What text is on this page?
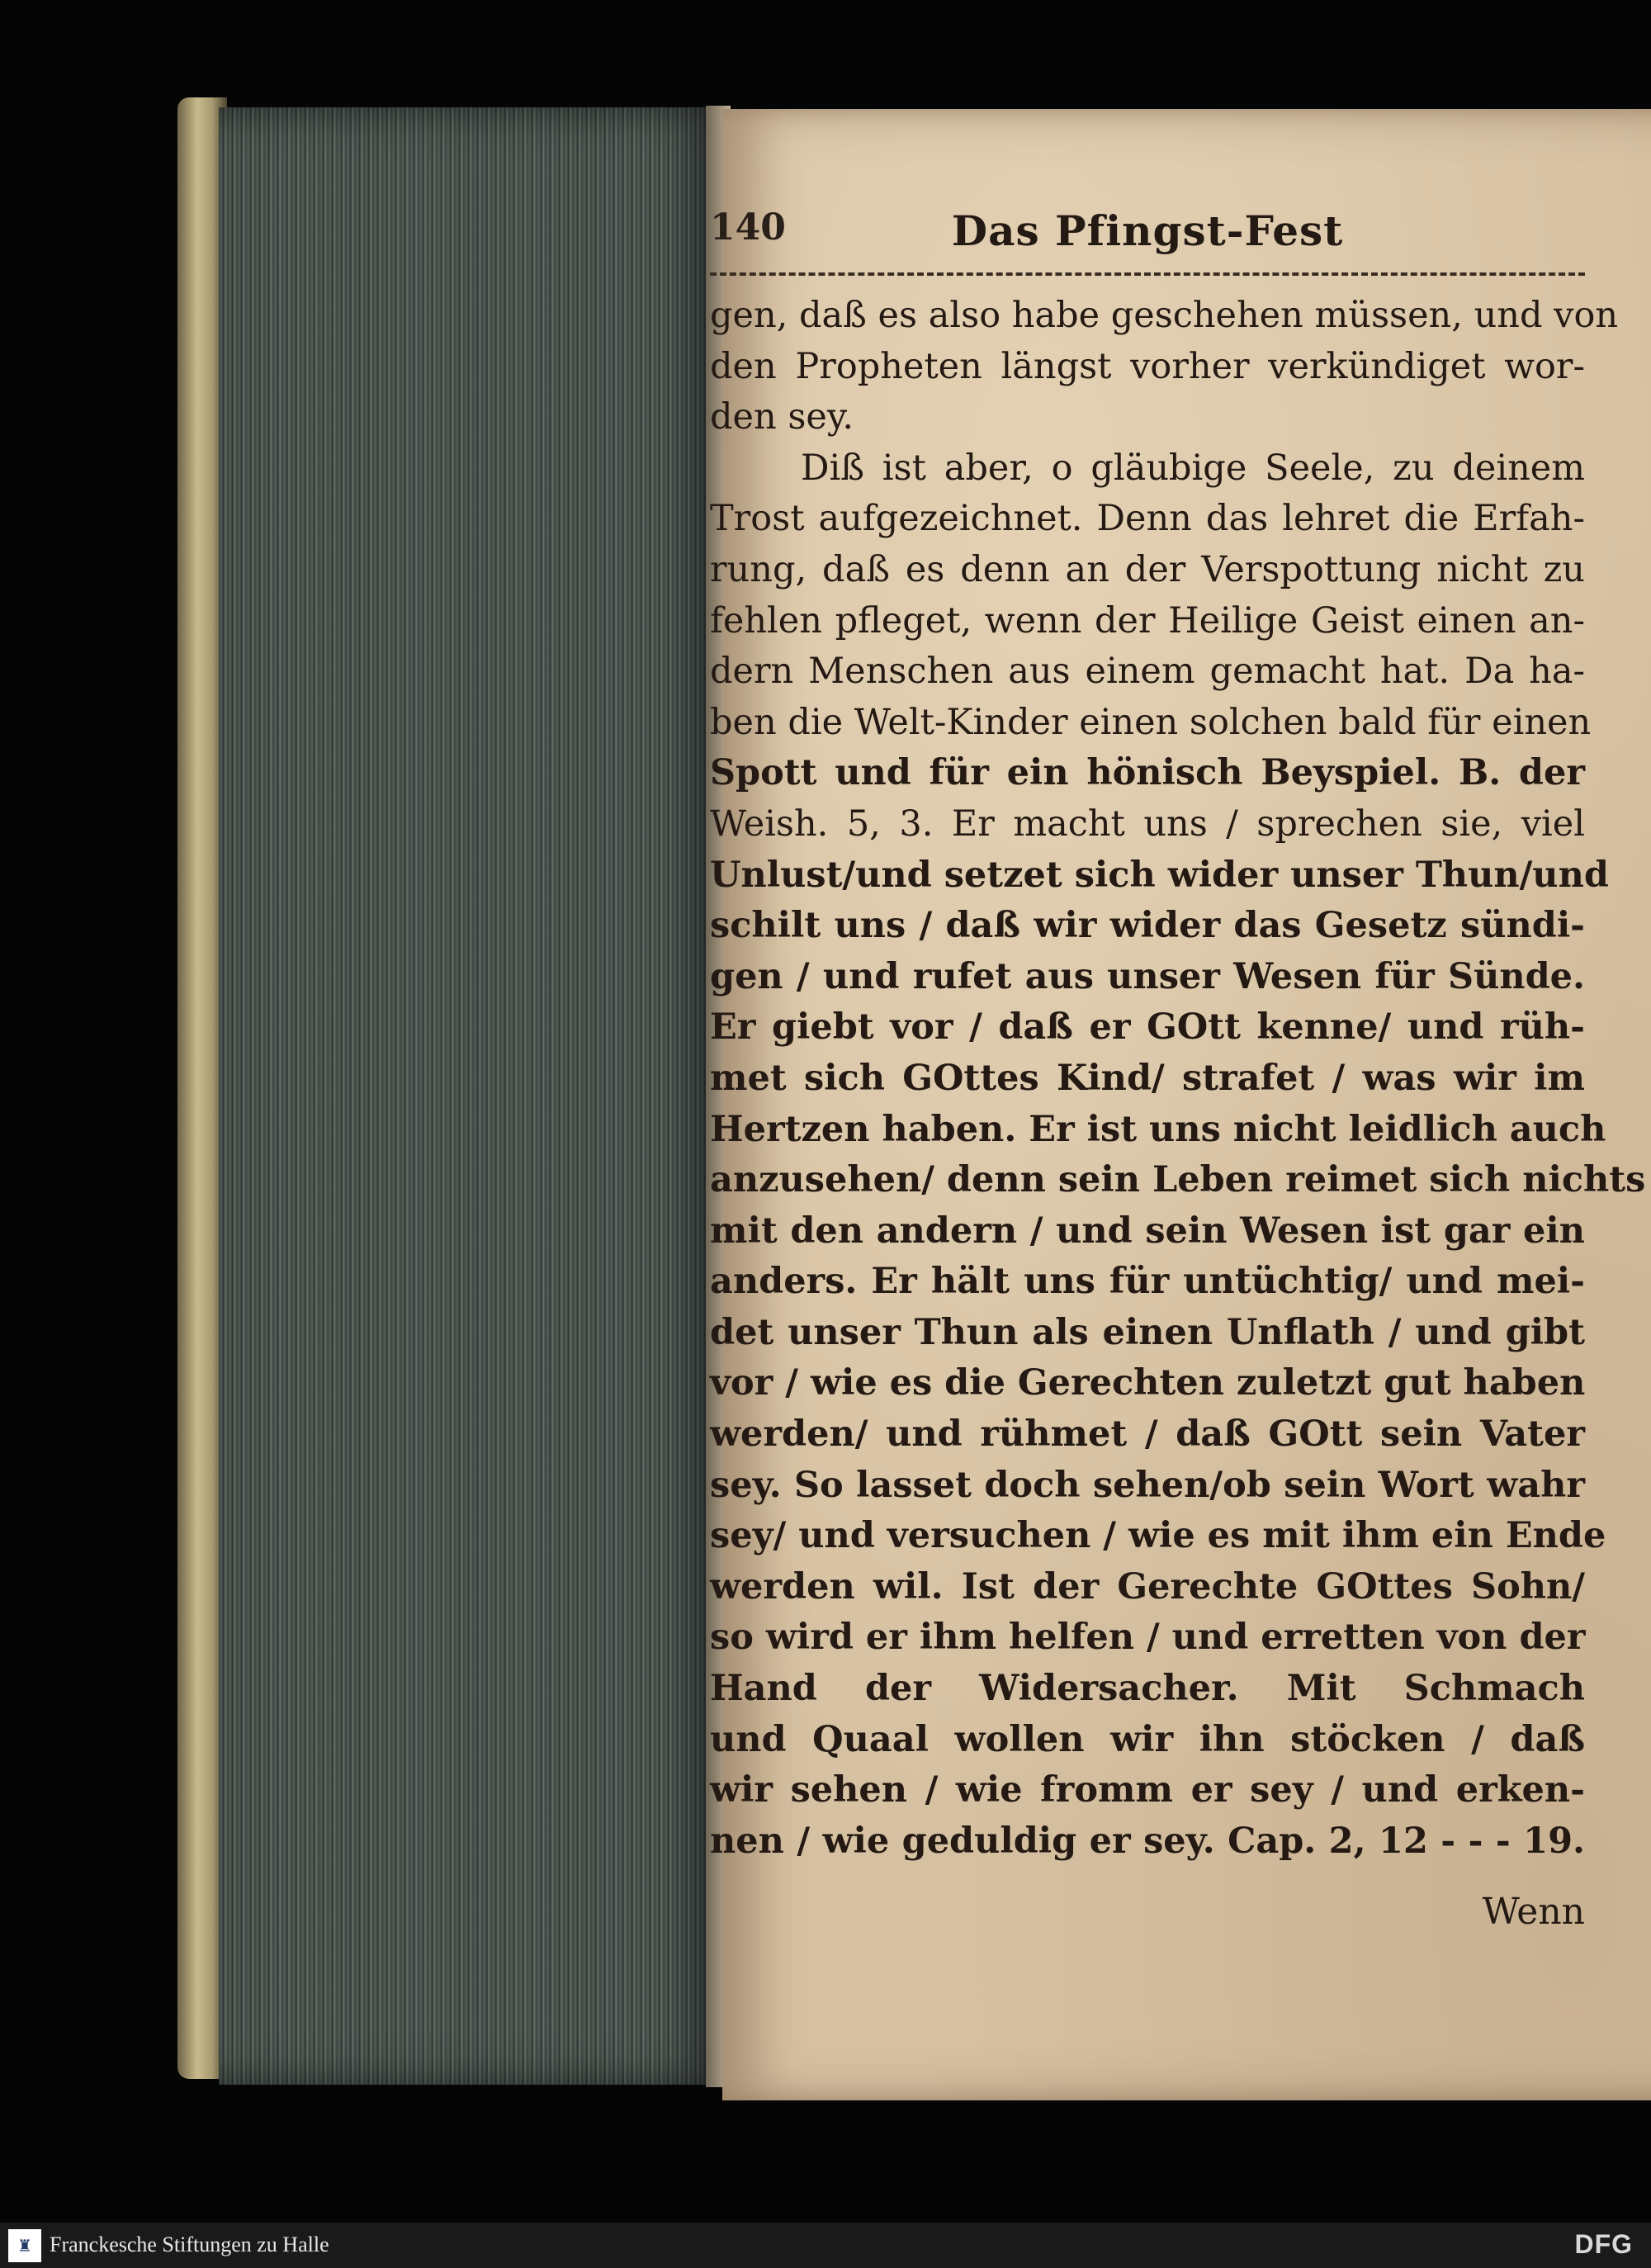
Das Pfingst-Fest
140
gen, daß es also habe geschehen müssen, und von
den Propheten längst vorher verkündiget wor-
den sey.
Diß ist aber, o gläubige Seele, zu deinem
Trost aufgezeichnet. Denn das lehret die Erfah-
rung, daß es denn an der Verspottung nicht zu
fehlen pfleget, wenn der Heilige Geist einen an-
dern Menschen aus einem gemacht hat. Da ha-
ben die Welt-Kinder einen solchen bald für einen
Spott und für ein hönisch Beyspiel. B. der
Weish. 5, 3. Er macht uns / sprechen sie, viel
Unlust/und setzet sich wider unser Thun/und
schilt uns / daß wir wider das Gesetz sündi-
gen / und rufet aus unser Wesen für Sünde.
Er giebt vor / daß er GOtt kenne/ und rüh-
met sich GOttes Kind/ strafet / was wir im
Hertzen haben. Er ist uns nicht leidlich auch
anzusehen/ denn sein Leben reimet sich nichts
mit den andern / und sein Wesen ist gar ein
anders. Er hält uns für untüchtig/ und mei-
det unser Thun als einen Unflath / und gibt
vor / wie es die Gerechten zuletzt gut haben
werden/ und rühmet / daß GOtt sein Vater
sey. So lasset doch sehen/ob sein Wort wahr
sey/ und versuchen / wie es mit ihm ein Ende
werden wil. Ist der Gerechte GOttes Sohn/
so wird er ihm helfen / und erretten von der
Hand der Widersacher. Mit Schmach
und Quaal wollen wir ihn stöcken / daß
wir sehen / wie fromm er sey / und erken-
nen / wie geduldig er sey. Cap. 2, 12 - - - 19.
Wenn
♜ Franckesche Stiftungen zu Halle	DFG
